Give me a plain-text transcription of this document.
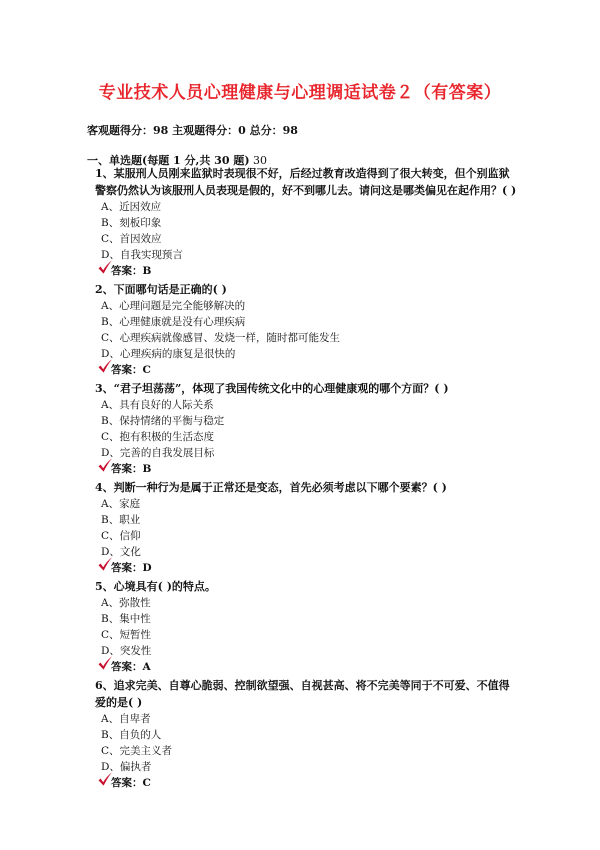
专业技术人员心理健康与心理调适试卷２（有答案）
客观题得分：98 主观题得分：0 总分：98
一、单选题(每题 1 分,共 30 题) 30
1、某服刑人员刚来监狱时表现很不好，后经过教育改造得到了很大转变，但个别监狱警察仍然认为该服刑人员表现是假的，好不到哪儿去。请问这是哪类偏见在起作用？( )
A、近因效应
B、刻板印象
C、首因效应
D、自我实现预言
答案：B
2、下面哪句话是正确的( )
A、心理问题是完全能够解决的
B、心理健康就是没有心理疾病
C、心理疾病就像感冒、发烧一样，随时都可能发生
D、心理疾病的康复是很快的
答案：C
3、“君子坦荡荡”，体现了我国传统文化中的心理健康观的哪个方面？( )
A、具有良好的人际关系
B、保持情绪的平衡与稳定
C、抱有积极的生活态度
D、完善的自我发展目标
答案：B
4、判断一种行为是属于正常还是变态，首先必须考虑以下哪个要素？( )
A、家庭
B、职业
C、信仰
D、文化
答案：D
5、心境具有( )的特点。
A、弥散性
B、集中性
C、短暂性
D、突发性
答案：A
6、追求完美、自尊心脆弱、控制欲望强、自视甚高、将不完美等同于不可爱、不值得爱的是( )
A、自卑者
B、自负的人
C、完美主义者
D、偏执者
答案：C
